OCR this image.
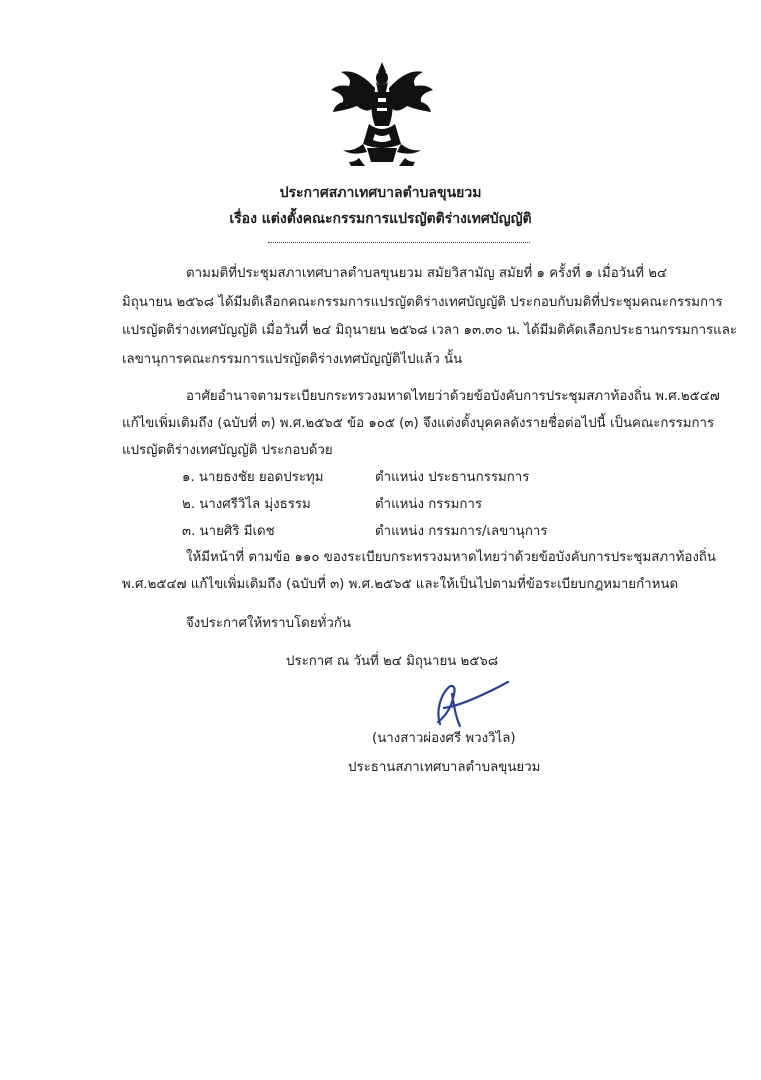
ประกาศสภาเทศบาลตำบลขุนยวม
เรื่อง แต่งตั้งคณะกรรมการแปรญัตติร่างเทศบัญญัติ

ตามมติที่ประชุมสภาเทศบาลตำบลขุนยวม สมัยวิสามัญ สมัยที่ ๑ ครั้งที่ ๑ เมื่อวันที่ ๒๔

มิถุนายน ๒๕๖๘ ได้มีมติเลือกคณะกรรมการแปรญัตติร่างเทศบัญญัติ ประกอบกับมติที่ประชุมคณะกรรมการ

แปรญัตติร่างเทศบัญญัติ เมื่อวันที่ ๒๔ มิถุนายน ๒๕๖๘ เวลา ๑๓.๓๐ น. ได้มีมติคัดเลือกประธานกรรมการและ

เลขานุการคณะกรรมการแปรญัตติร่างเทศบัญญัติไปแล้ว นั้น

อาศัยอำนาจตามระเบียบกระทรวงมหาดไทยว่าด้วยข้อบังคับการประชุมสภาท้องถิ่น พ.ศ.๒๕๔๗

แก้ไขเพิ่มเติมถึง (ฉบับที่ ๓) พ.ศ.๒๕๖๕ ข้อ ๑๐๕ (๓) จึงแต่งตั้งบุคคลดังรายชื่อต่อไปนี้ เป็นคณะกรรมการ

แปรญัตติร่างเทศบัญญัติ ประกอบด้วย

๑. นายธงชัย ยอดประทุม	ตำแหน่ง ประธานกรรมการ
๒. นางศรีวิไล มุ่งธรรม	ตำแหน่ง กรรมการ
๓. นายศิริ มีเดช	ตำแหน่ง กรรมการ/เลขานุการ

ให้มีหน้าที่ ตามข้อ ๑๑๐ ของระเบียบกระทรวงมหาดไทยว่าด้วยข้อบังคับการประชุมสภาท้องถิ่น

พ.ศ.๒๕๔๗ แก้ไขเพิ่มเติมถึง (ฉบับที่ ๓) พ.ศ.๒๕๖๕ และให้เป็นไปตามที่ข้อระเบียบกฎหมายกำหนด

จึงประกาศให้ทราบโดยทั่วกัน

ประกาศ ณ วันที่ ๒๔ มิถุนายน ๒๕๖๘
(นางสาวผ่องศรี พวงวิไล)
ประธานสภาเทศบาลตำบลขุนยวม
